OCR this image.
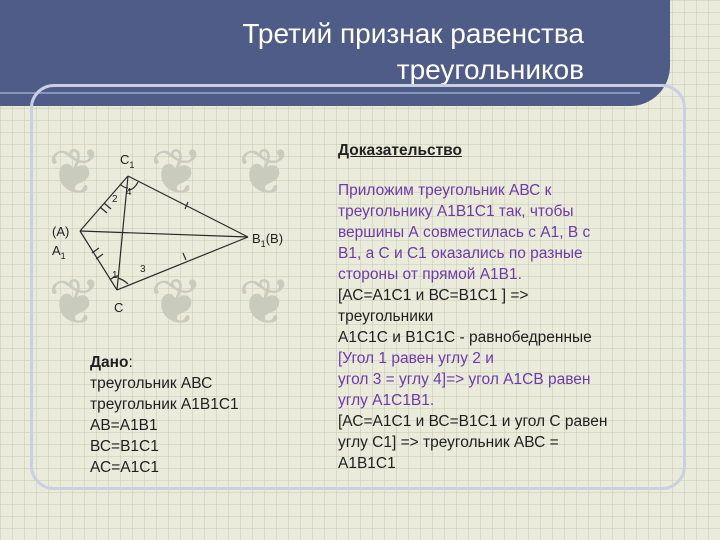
Третий признак равенства
треугольников
❦ ❦ ❦
❦ ❦ ❦
$C_1$
(A)
$A_1$
$B_1(B)$
C
2
4
1
3
Доказательство
Приложим треугольник АВС к
треугольнику А1В1С1 так, чтобы
вершины А совместилась с А1, В с
В1, а С и С1 оказались по разные
стороны от прямой А1В1.
[АС=А1С1 и ВС=В1С1 ] =>
треугольники
А1С1С и В1С1С - равнобедренные
[Угол 1 равен углу 2 и
угол 3 = углу 4]=> угол А1СВ равен
углу А1С1В1.
[АС=А1С1 и ВС=В1С1 и угол С равен
углу С1] => треугольник АВС =
А1В1С1
Дано:
треугольник АВС
треугольник А1В1С1
АВ=А1В1
ВС=В1С1
АС=А1С1
